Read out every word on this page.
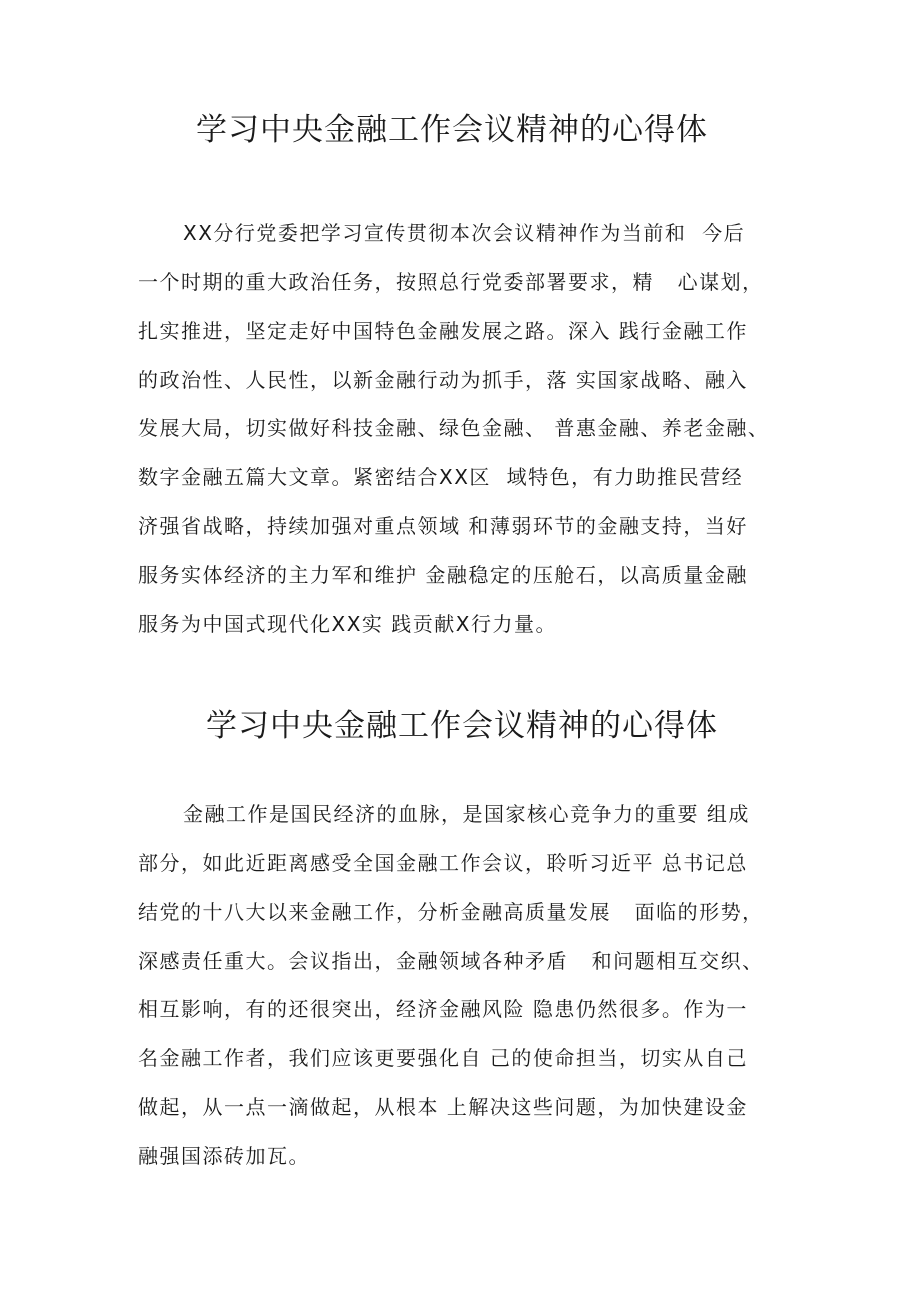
学习中央金融工作会议精神的心得体
XX分行党委把学习宣传贯彻本次会议精神作为当前和  今后
一个时期的重大政治任务，按照总行党委部署要求，精   心谋划，
扎实推进，坚定走好中国特色金融发展之路。深入 践行金融工作
的政治性、人民性，以新金融行动为抓手，落 实国家战略、融入
发展大局，切实做好科技金融、绿色金融、 普惠金融、养老金融、
数字金融五篇大文章。紧密结合XX区  域特色，有力助推民营经
济强省战略，持续加强对重点领域 和薄弱环节的金融支持，当好
服务实体经济的主力军和维护 金融稳定的压舱石，以高质量金融
服务为中国式现代化XX实 践贡献X行力量。
学习中央金融工作会议精神的心得体
金融工作是国民经济的血脉，是国家核心竞争力的重要 组成
部分，如此近距离感受全国金融工作会议，聆听习近平 总书记总
结党的十八大以来金融工作，分析金融高质量发展   面临的形势，
深感责任重大。会议指出，金融领域各种矛盾   和问题相互交织、
相互影响，有的还很突出，经济金融风险 隐患仍然很多。作为一
名金融工作者，我们应该更要强化自 己的使命担当，切实从自己
做起，从一点一滴做起，从根本 上解决这些问题，为加快建设金
融强国添砖加瓦。
